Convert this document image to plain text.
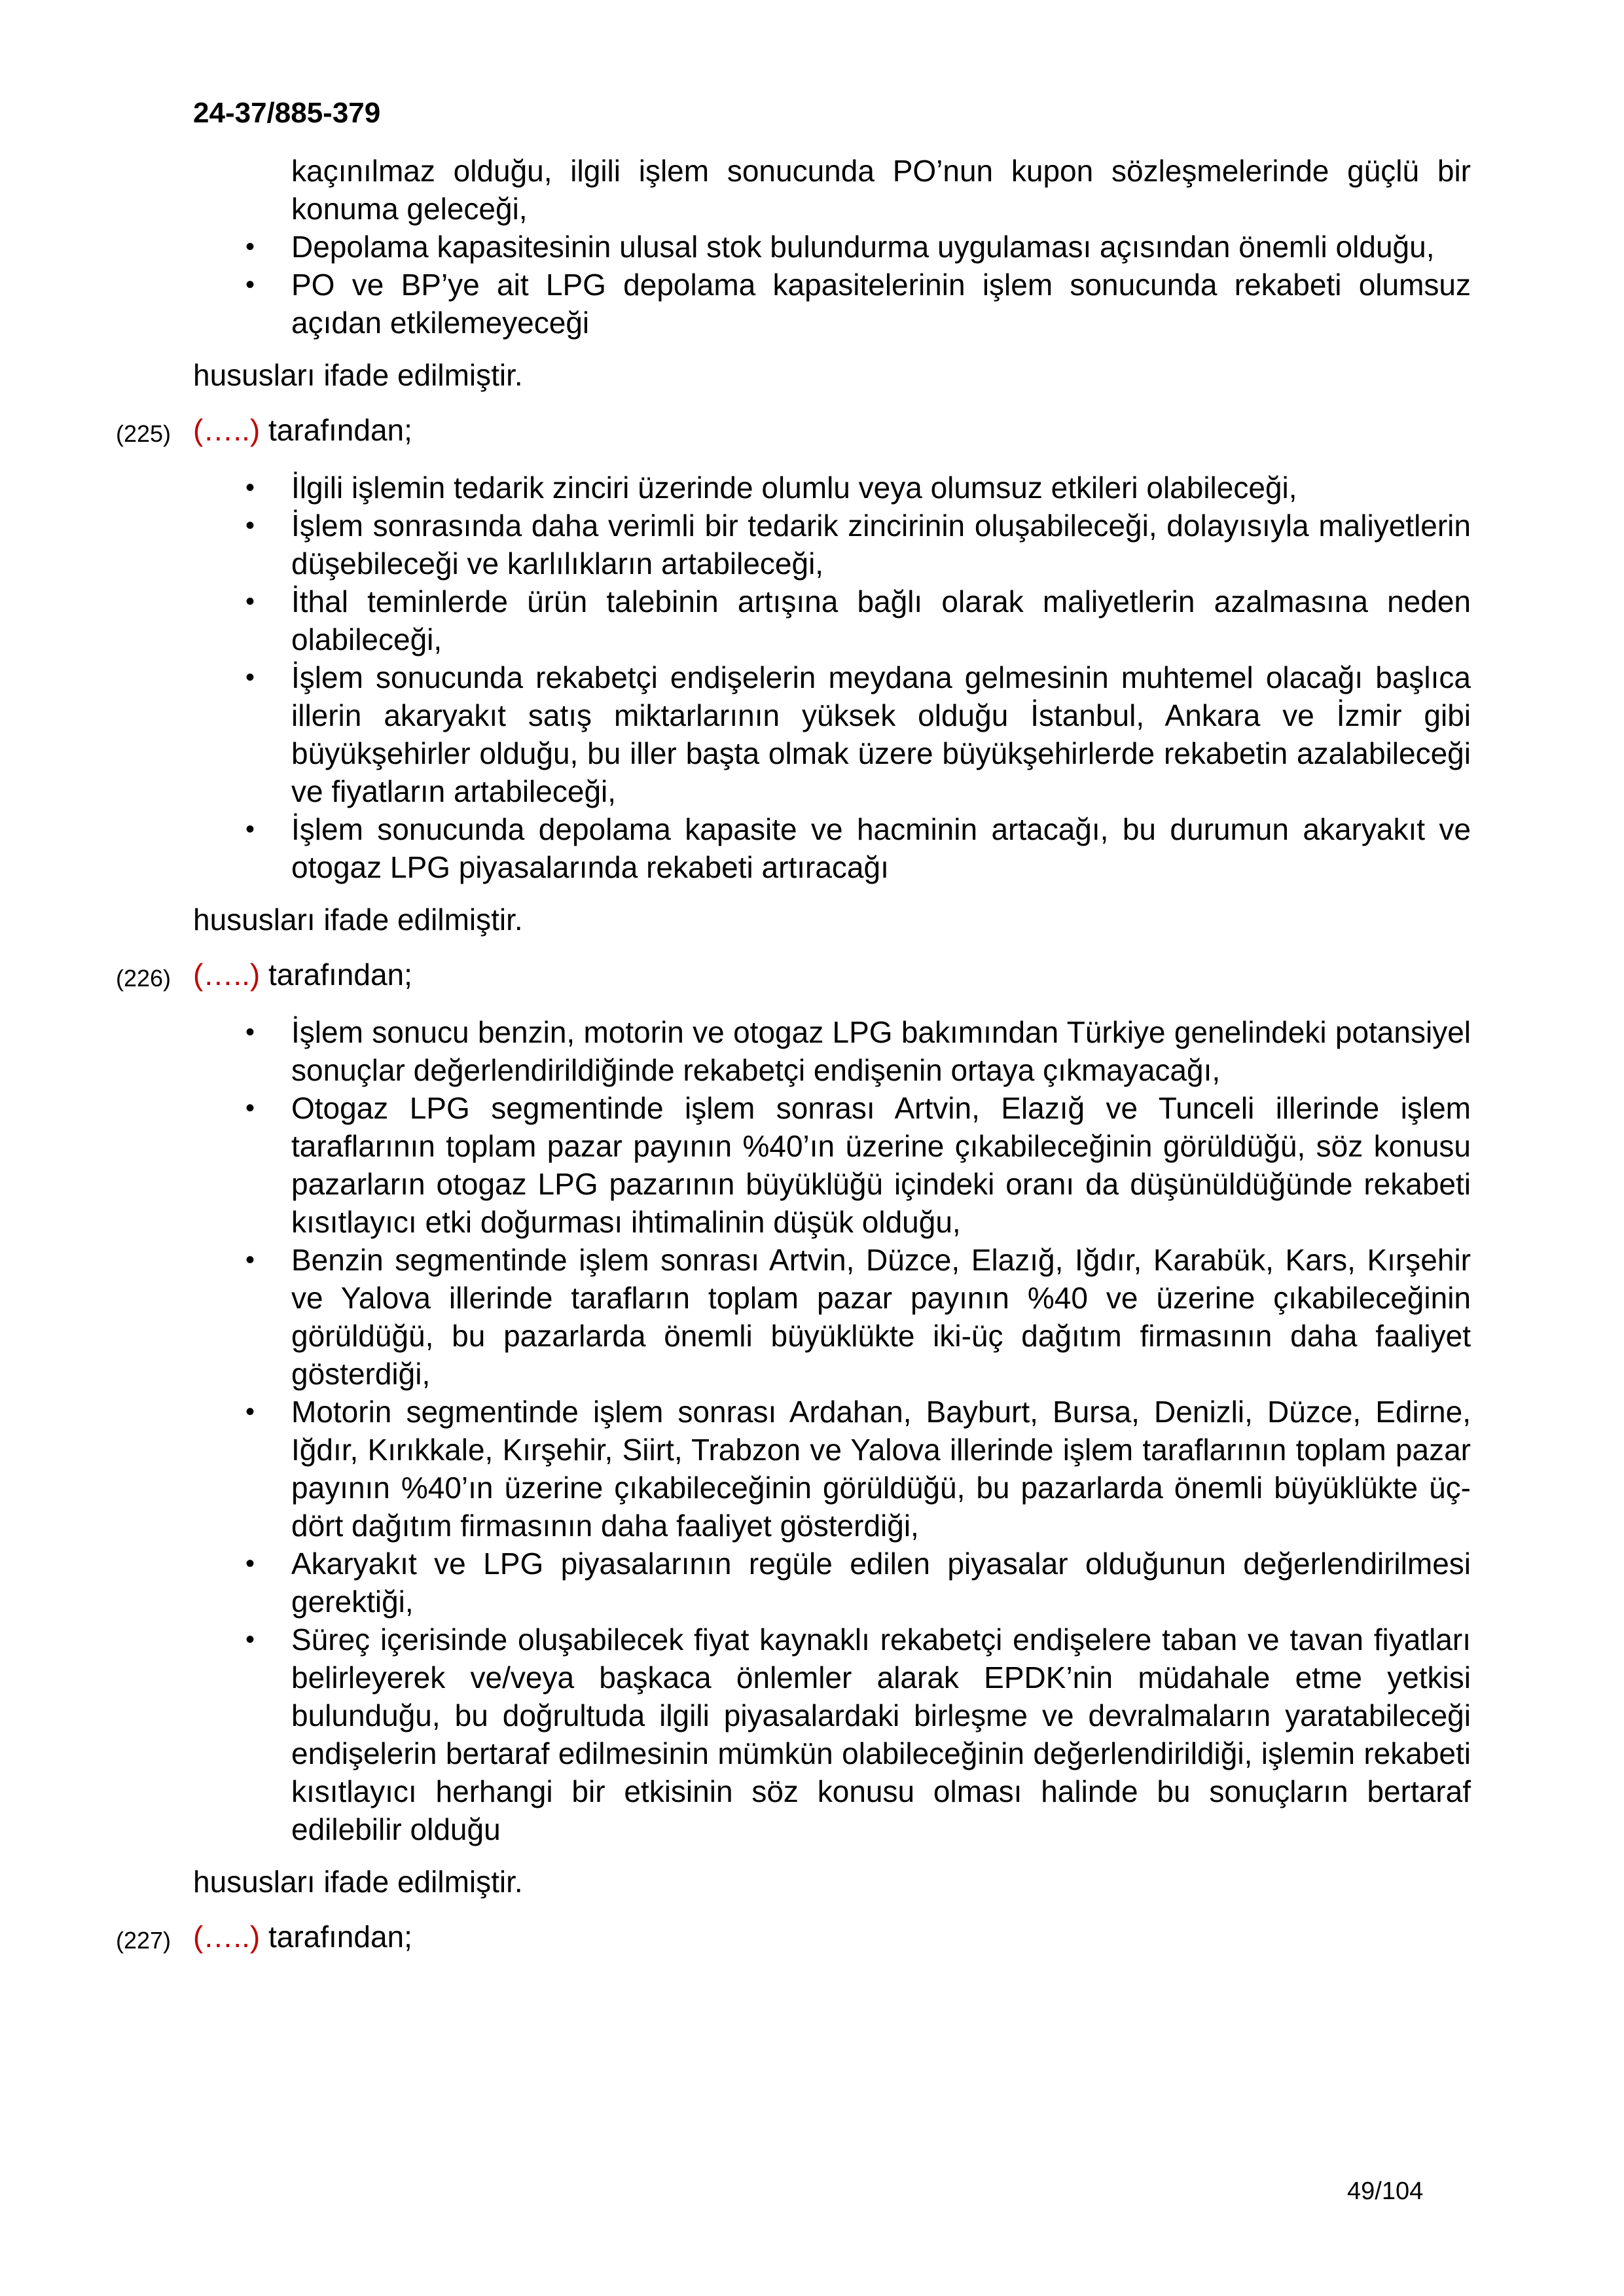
24-37/885-379

kaçınılmaz olduğu, ilgili işlem sonucunda PO’nun kupon sözleşmelerinde güçlü bir konuma geleceği,

• Depolama kapasitesinin ulusal stok bulundurma uygulaması açısından önemli olduğu,
• PO ve BP’ye ait LPG depolama kapasitelerinin işlem sonucunda rekabeti olumsuz açıdan etkilemeyeceği

hususları ifade edilmiştir.

(225) (…..) tarafından;
• İlgili işlemin tedarik zinciri üzerinde olumlu veya olumsuz etkileri olabileceği,
• İşlem sonrasında daha verimli bir tedarik zincirinin oluşabileceği, dolayısıyla maliyetlerin düşebileceği ve karlılıkların artabileceği,
• İthal teminlerde ürün talebinin artışına bağlı olarak maliyetlerin azalmasına neden olabileceği,
• İşlem sonucunda rekabetçi endişelerin meydana gelmesinin muhtemel olacağı başlıca illerin akaryakıt satış miktarlarının yüksek olduğu İstanbul, Ankara ve İzmir gibi büyükşehirler olduğu, bu iller başta olmak üzere büyükşehirlerde rekabetin azalabileceği ve fiyatların artabileceği,
• İşlem sonucunda depolama kapasite ve hacminin artacağı, bu durumun akaryakıt ve otogaz LPG piyasalarında rekabeti artıracağı

hususları ifade edilmiştir.

(226) (…..) tarafından;
• İşlem sonucu benzin, motorin ve otogaz LPG bakımından Türkiye genelindeki potansiyel sonuçlar değerlendirildiğinde rekabetçi endişenin ortaya çıkmayacağı,
• Otogaz LPG segmentinde işlem sonrası Artvin, Elazığ ve Tunceli illerinde işlem taraflarının toplam pazar payının %40’ın üzerine çıkabileceğinin görüldüğü, söz konusu pazarların otogaz LPG pazarının büyüklüğü içindeki oranı da düşünüldüğünde rekabeti kısıtlayıcı etki doğurması ihtimalinin düşük olduğu,
• Benzin segmentinde işlem sonrası Artvin, Düzce, Elazığ, Iğdır, Karabük, Kars, Kırşehir ve Yalova illerinde tarafların toplam pazar payının %40 ve üzerine çıkabileceğinin görüldüğü, bu pazarlarda önemli büyüklükte iki-üç dağıtım firmasının daha faaliyet gösterdiği,
• Motorin segmentinde işlem sonrası Ardahan, Bayburt, Bursa, Denizli, Düzce, Edirne, Iğdır, Kırıkkale, Kırşehir, Siirt, Trabzon ve Yalova illerinde işlem taraflarının toplam pazar payının %40’ın üzerine çıkabileceğinin görüldüğü, bu pazarlarda önemli büyüklükte üç-dört dağıtım firmasının daha faaliyet gösterdiği,
• Akaryakıt ve LPG piyasalarının regüle edilen piyasalar olduğunun değerlendirilmesi gerektiği,
• Süreç içerisinde oluşabilecek fiyat kaynaklı rekabetçi endişelere taban ve tavan fiyatları belirleyerek ve/veya başkaca önlemler alarak EPDK’nin müdahale etme yetkisi bulunduğu, bu doğrultuda ilgili piyasalardaki birleşme ve devralmaların yaratabileceği endişelerin bertaraf edilmesinin mümkün olabileceğinin değerlendirildiği, işlemin rekabeti kısıtlayıcı herhangi bir etkisinin söz konusu olması halinde bu sonuçların bertaraf edilebilir olduğu

hususları ifade edilmiştir.

(227) (…..) tarafından;
49/104
